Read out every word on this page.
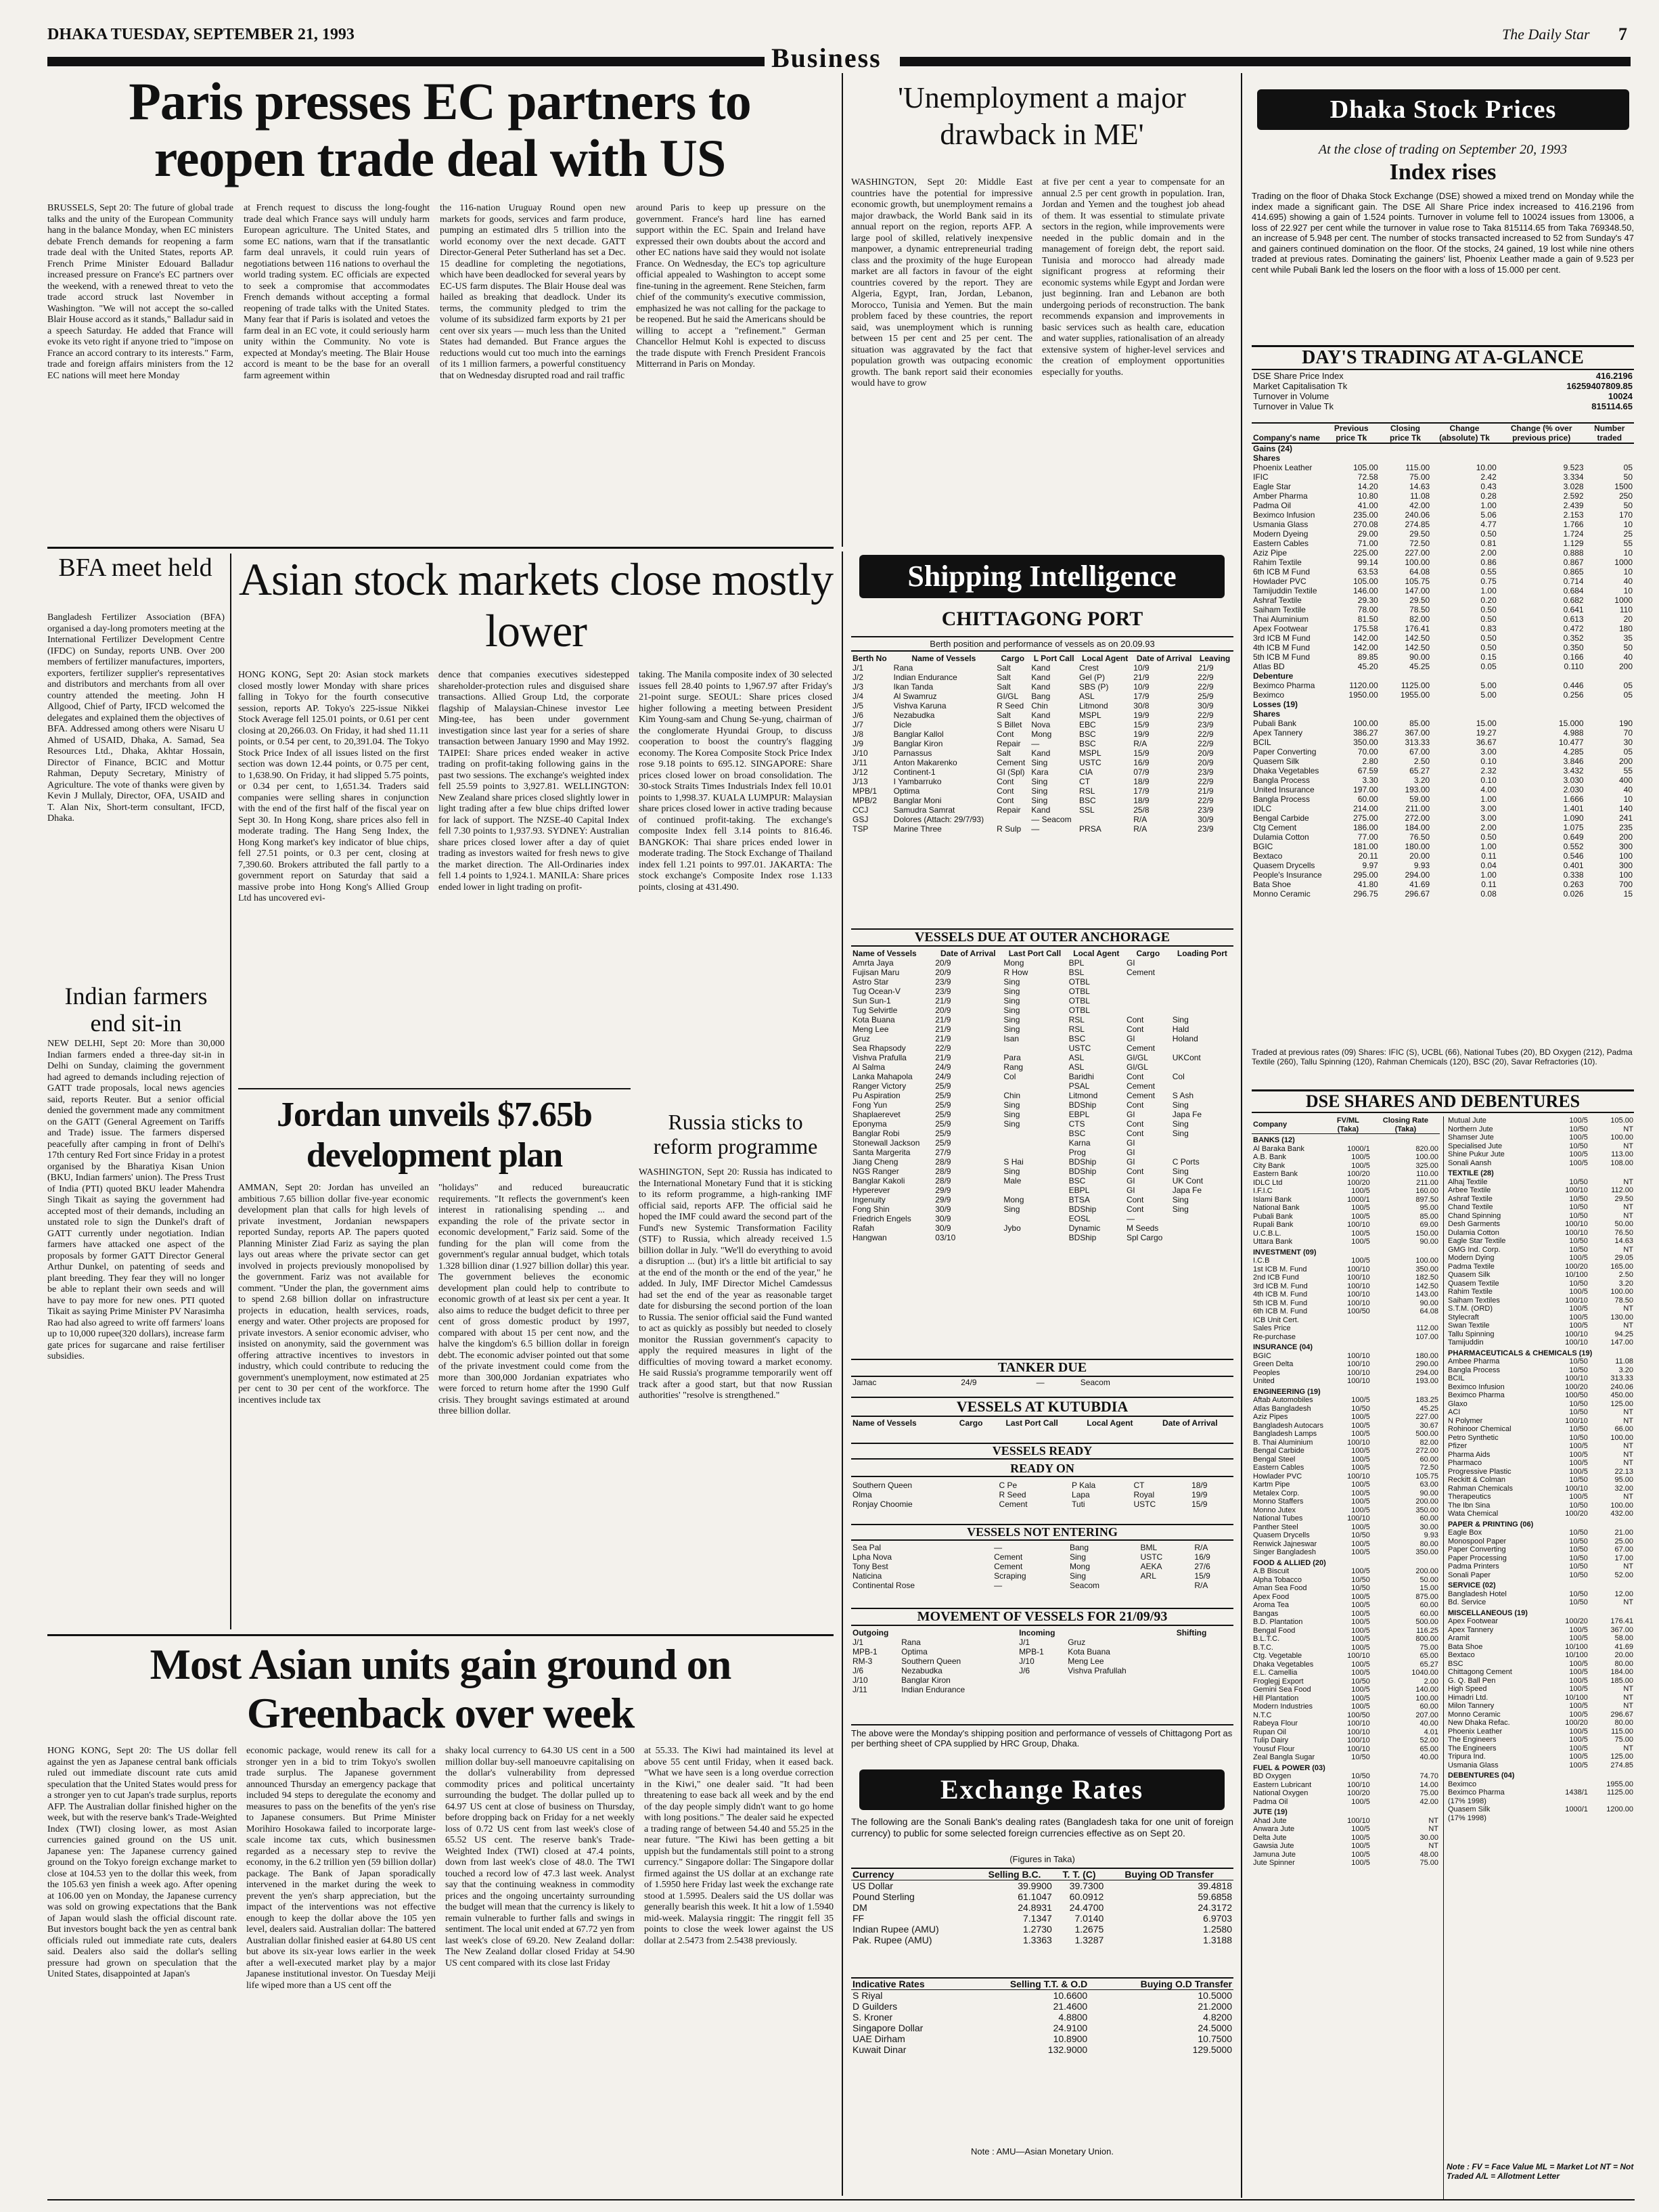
DHAKA TUESDAY, SEPTEMBER 21, 1993
Business
The Daily Star 7
Paris presses EC partners to reopen trade deal with US

BRUSSELS, Sept 20: The future of global trade talks and the unity of the European Community hang in the balance Monday, when EC ministers debate French demands for reopening a farm trade deal with the United States, reports AP. French Prime Minister Edouard Balladur increased pressure on France's EC partners over the weekend, with a renewed threat to veto the trade accord struck last November in Washington. "We will not accept the so-called Blair House accord as it stands," Balladur said in a speech Saturday. He added that France will evoke its veto right if anyone tried to "impose on France an accord contrary to its interests." Farm, trade and foreign affairs ministers from the 12 EC nations will meet here Monday

at French request to discuss the long-fought trade deal which France says will unduly harm European agriculture. The United States, and some EC nations, warn that if the transatlantic farm deal unravels, it could ruin years of negotiations between 116 nations to overhaul the world trading system. EC officials are expected to seek a compromise that accommodates French demands without accepting a formal reopening of trade talks with the United States. Many fear that if Paris is isolated and vetoes the farm deal in an EC vote, it could seriously harm unity within the Community. No vote is expected at Monday's meeting. The Blair House accord is meant to be the base for an overall farm agreement within

the 116-nation Uruguay Round open new markets for goods, services and farm produce, pumping an estimated dlrs 5 trillion into the world economy over the next decade. GATT Director-General Peter Sutherland has set a Dec. 15 deadline for completing the negotiations, which have been deadlocked for several years by EC-US farm disputes. The Blair House deal was hailed as breaking that deadlock. Under its terms, the community pledged to trim the volume of its subsidized farm exports by 21 per cent over six years — much less than the United States had demanded. But France argues the reductions would cut too much into the earnings of its 1 million farmers, a powerful constituency that on Wednesday disrupted road and rail traffic

around Paris to keep up pressure on the government. France's hard line has earned support within the EC. Spain and Ireland have expressed their own doubts about the accord and other EC nations have said they would not isolate France. On Wednesday, the EC's top agriculture official appealed to Washington to accept some fine-tuning in the agreement. Rene Steichen, farm chief of the community's executive commission, emphasized he was not calling for the package to be reopened. But he said the Americans should be willing to accept a "refinement." German Chancellor Helmut Kohl is expected to discuss the trade dispute with French President Francois Mitterrand in Paris on Monday.

'Unemployment a major drawback in ME'

WASHINGTON, Sept 20: Middle East countries have the potential for impressive economic growth, but unemployment remains a major drawback, the World Bank said in its annual report on the region, reports AFP. A large pool of skilled, relatively inexpensive manpower, a dynamic entrepreneurial trading class and the proximity of the huge European market are all factors in favour of the eight countries covered by the report. They are Algeria, Egypt, Iran, Jordan, Lebanon, Morocco, Tunisia and Yemen. But the main problem faced by these countries, the report said, was unemployment which is running between 15 per cent and 25 per cent. The situation was aggravated by the fact that population growth was outpacing economic growth. The bank report said their economies would have to grow

at five per cent a year to compensate for an annual 2.5 per cent growth in population. Iran, Jordan and Yemen and the toughest job ahead of them. It was essential to stimulate private sectors in the region, while improvements were needed in the public domain and in the management of foreign debt, the report said. Tunisia and morocco had already made significant progress at reforming their economic systems while Egypt and Jordan were just beginning. Iran and Lebanon are both undergoing periods of reconstruction. The bank recommends expansion and improvements in basic services such as health care, education and water supplies, rationalisation of an already extensive system of higher-level services and the creation of employment opportunities especially for youths.

BFA meet held

Bangladesh Fertilizer Association (BFA) organised a day-long promoters meeting at the International Fertilizer Development Centre (IFDC) on Sunday, reports UNB. Over 200 members of fertilizer manufactures, importers, exporters, fertilizer supplier's representatives and distributors and merchants from all over country attended the meeting. John H Allgood, Chief of Party, IFCD welcomed the delegates and explained them the objectives of BFA. Addressed among others were Nisaru U Ahmed of USAID, Dhaka, A. Samad, Sea Resources Ltd., Dhaka, Akhtar Hossain, Director of Finance, BCIC and Mottur Rahman, Deputy Secretary, Ministry of Agriculture. The vote of thanks were given by Kevin J Mullaly, Director, OFA, USAID and T. Alan Nix, Short-term consultant, IFCD, Dhaka.

Indian farmers end sit-in

NEW DELHI, Sept 20: More than 30,000 Indian farmers ended a three-day sit-in in Delhi on Sunday, claiming the government had agreed to demands including rejection of GATT trade proposals, local news agencies said, reports Reuter. But a senior official denied the government made any commitment on the GATT (General Agreement on Tariffs and Trade) issue. The farmers dispersed peacefully after camping in front of Delhi's 17th century Red Fort since Friday in a protest organised by the Bharatiya Kisan Union (BKU, Indian farmers' union). The Press Trust of India (PTI) quoted BKU leader Mahendra Singh Tikait as saying the government had accepted most of their demands, including an unstated role to sign the Dunkel's draft of GATT currently under negotiation. Indian farmers have attacked one aspect of the proposals by former GATT Director General Arthur Dunkel, on patenting of seeds and plant breeding. They fear they will no longer be able to replant their own seeds and will have to pay more for new ones. PTI quoted Tikait as saying Prime Minister PV Narasimha Rao had also agreed to write off farmers' loans up to 10,000 rupee(320 dollars), increase farm gate prices for sugarcane and raise fertiliser subsidies.

Asian stock markets close mostly lower

HONG KONG, Sept 20: Asian stock markets closed mostly lower Monday with share prices falling in Tokyo for the fourth consecutive session, reports AP. Tokyo's 225-issue Nikkei Stock Average fell 125.01 points, or 0.61 per cent closing at 20,266.03. On Friday, it had shed 11.11 points, or 0.54 per cent, to 20,391.04. The Tokyo Stock Price Index of all issues listed on the first section was down 12.44 points, or 0.75 per cent, to 1,638.90. On Friday, it had slipped 5.75 points, or 0.34 per cent, to 1,651.34. Traders said companies were selling shares in conjunction with the end of the first half of the fiscal year on Sept 30. In Hong Kong, share prices also fell in moderate trading. The Hang Seng Index, the Hong Kong market's key indicator of blue chips, fell 27.51 points, or 0.3 per cent, closing at 7,390.60. Brokers attributed the fall partly to a government report on Saturday that said a massive probe into Hong Kong's Allied Group Ltd has uncovered evi-

dence that companies executives sidestepped shareholder-protection rules and disguised share transactions. Allied Group Ltd, the corporate flagship of Malaysian-Chinese investor Lee Ming-tee, has been under government investigation since last year for a series of share transaction between January 1990 and May 1992. TAIPEI: Share prices ended weaker in active trading on profit-taking following gains in the past two sessions. The exchange's weighted index fell 25.59 points to 3,927.81. WELLINGTON: New Zealand share prices closed slightly lower in light trading after a few blue chips drifted lower for lack of support. The NZSE-40 Capital Index fell 7.30 points to 1,937.93. SYDNEY: Australian share prices closed lower after a day of quiet trading as investors waited for fresh news to give the market direction. The All-Ordinaries index fell 1.4 points to 1,924.1. MANILA: Share prices ended lower in light trading on profit-

taking. The Manila composite index of 30 selected issues fell 28.40 points to 1,967.97 after Friday's 21-point surge. SEOUL: Share prices closed higher following a meeting between President Kim Young-sam and Chung Se-yung, chairman of the conglomerate Hyundai Group, to discuss cooperation to boost the country's flagging economy. The Korea Composite Stock Price Index rose 9.18 points to 695.12. SINGAPORE: Share prices closed lower on broad consolidation. The 30-stock Straits Times Industrials Index fell 10.01 points to 1,998.37. KUALA LUMPUR: Malaysian share prices closed lower in active trading because of continued profit-taking. The exchange's composite Index fell 3.14 points to 816.46. BANGKOK: Thai share prices ended lower in moderate trading. The Stock Exchange of Thailand index fell 1.21 points to 997.01. JAKARTA: The stock exchange's Composite Index rose 1.133 points, closing at 431.490.

Jordan unveils $7.65b development plan

AMMAN, Sept 20: Jordan has unveiled an ambitious 7.65 billion dollar five-year economic development plan that calls for high levels of private investment, Jordanian newspapers reported Sunday, reports AP. The papers quoted Planning Minister Ziad Fariz as saying the plan lays out areas where the private sector can get involved in projects previously monopolised by the government. Fariz was not available for comment. "Under the plan, the government aims to spend 2.68 billion dollar on infrastructure projects in education, health services, roads, energy and water. Other projects are proposed for private investors. A senior economic adviser, who insisted on anonymity, said the government was offering attractive incentives to investors in industry, which could contribute to reducing the government's unemployment, now estimated at 25 per cent to 30 per cent of the workforce. The incentives include tax

"holidays" and reduced bureaucratic requirements. "It reflects the government's keen interest in rationalising spending ... and expanding the role of the private sector in economic development," Fariz said. Some of the funding for the plan will come from the government's regular annual budget, which totals 1.328 billion dinar (1.927 billion dollar) this year. The government believes the economic development plan could help to contribute to economic growth of at least six per cent a year. It also aims to reduce the budget deficit to three per cent of gross domestic product by 1997, compared with about 15 per cent now, and the halve the kingdom's 6.5 billion dollar in foreign debt. The economic adviser pointed out that some of the private investment could come from the more than 300,000 Jordanian expatriates who were forced to return home after the 1990 Gulf crisis. They brought savings estimated at around three billion dollar.

Russia sticks to reform programme

WASHINGTON, Sept 20: Russia has indicated to the International Monetary Fund that it is sticking to its reform programme, a high-ranking IMF official said, reports AFP. The official said he hoped the IMF could award the second part of the Fund's new Systemic Transformation Facility (STF) to Russia, which already received 1.5 billion dollar in July. "We'll do everything to avoid a disruption ... (but) it's a little bit artificial to say at the end of the month or the end of the year," he added. In July, IMF Director Michel Camdessus had set the end of the year as reasonable target date for disbursing the second portion of the loan to Russia. The senior official said the Fund wanted to act as quickly as possibly but needed to closely monitor the Russian government's capacity to apply the required measures in light of the difficulties of moving toward a market economy. He said Russia's programme temporarily went off track after a good start, but that now Russian authorities' "resolve is strengthened."

Most Asian units gain ground on Greenback over week

HONG KONG, Sept 20: The US dollar fell against the yen as Japanese central bank officials ruled out immediate discount rate cuts amid speculation that the United States would press for a stronger yen to cut Japan's trade surplus, reports AFP. The Australian dollar finished higher on the week, but with the reserve bank's Trade-Weighted Index (TWI) closing lower, as most Asian currencies gained ground on the US unit. Japanese yen: The Japanese currency gained ground on the Tokyo foreign exchange market to close at 104.53 yen to the dollar this week, from the 105.63 yen finish a week ago. After opening at 106.00 yen on Monday, the Japanese currency was sold on growing expectations that the Bank of Japan would slash the official discount rate. But investors bought back the yen as central bank officials ruled out immediate rate cuts, dealers said. Dealers also said the dollar's selling pressure had grown on speculation that the United States, disappointed at Japan's

economic package, would renew its call for a stronger yen in a bid to trim Tokyo's swollen trade surplus. The Japanese government announced Thursday an emergency package that included 94 steps to deregulate the economy and measures to pass on the benefits of the yen's rise to Japanese consumers. But Prime Minister Morihiro Hosokawa failed to incorporate large-scale income tax cuts, which businessmen regarded as a necessary step to revive the economy, in the 6.2 trillion yen (59 billion dollar) package. The Bank of Japan sporadically intervened in the market during the week to prevent the yen's sharp appreciation, but the impact of the interventions was not effective enough to keep the dollar above the 105 yen level, dealers said. Australian dollar: The battered Australian dollar finished easier at 64.80 US cent but above its six-year lows earlier in the week after a well-executed market play by a major Japanese institutional investor. On Tuesday Meiji life wiped more than a US cent off the

shaky local currency to 64.30 US cent in a 500 million dollar buy-sell manoeuvre capitalising on the dollar's vulnerability from depressed commodity prices and political uncertainty surrounding the budget. The dollar pulled up to 64.97 US cent at close of business on Thursday, before dropping back on Friday for a net weekly loss of 0.72 US cent from last week's close of 65.52 US cent. The reserve bank's Trade-Weighted Index (TWI) closed at 47.4 points, down from last week's close of 48.0. The TWI touched a record low of 47.3 last week. Analyst say that the continuing weakness in commodity prices and the ongoing uncertainty surrounding the budget will mean that the currency is likely to remain vulnerable to further falls and swings in sentiment. The local unit ended at 67.72 yen from last week's close of 69.20. New Zealand dollar: The New Zealand dollar closed Friday at 54.90 US cent compared with its close last Friday

at 55.33. The Kiwi had maintained its level at above 55 cent until Friday, when it eased back. "What we have seen is a long overdue correction in the Kiwi," one dealer said. "It had been threatening to ease back all week and by the end of the day people simply didn't want to go home with long positions." The dealer said he expected a trading range of between 54.40 and 55.25 in the near future. "The Kiwi has been getting a bit uppish but the fundamentals still point to a strong currency." Singapore dollar: The Singapore dollar firmed against the US dollar at an exchange rate of 1.5950 here Friday last week the exchange rate stood at 1.5995. Dealers said the US dollar was generally bearish this week. It hit a low of 1.5940 mid-week. Malaysia ringgit: The ringgit fell 35 points to close the week lower against the US dollar at 2.5473 from 2.5438 previously.

Shipping Intelligence
CHITTAGONG PORT
Berth position and performance of vessels as on 20.09.93
Berth No	Name of Vessels	Cargo	L Port Call	Local Agent	Date of Arrival	Leaving
J/1	Rana	Salt	Kand	Crest	10/9	21/9
J/2	Indian Endurance	Salt	Kand	Gel (P)	21/9	22/9
J/3	Ikan Tanda	Salt	Kand	SBS (P)	10/9	22/9
J/4	Al Swamruz	GI/GL	Bang	ASL	17/9	25/9
J/5	Vishva Karuna	R Seed	Chin	Litmond	30/8	30/9
J/6	Nezabudka	Salt	Kand	MSPL	19/9	22/9
J/7	Dicle	S Billet	Nova	EBC	15/9	23/9
J/8	Banglar Kallol	Cont	Mong	BSC	19/9	22/9
J/9	Banglar Kiron	Repair	—	BSC	R/A	22/9
J/10	Parnassus	Salt	Kand	MSPL	15/9	20/9
J/11	Anton Makarenko	Cement	Sing	USTC	16/9	20/9
J/12	Continent-1	GI (Spl)	Kara	CIA	07/9	23/9
J/13	I Yambarruko	Cont	Sing	CT	18/9	22/9
MPB/1	Optima	Cont	Sing	RSL	17/9	21/9
MPB/2	Banglar Moni	Cont	Sing	BSC	18/9	22/9
CCJ	Samudra Samrat	Repair	Kand	SSL	25/8	23/9
GSJ	Dolores (Attach: 29/7/93)		— Seacom		R/A	30/9
TSP	Marine Three	R Sulp	—	PRSA	R/A	23/9
VESSELS DUE AT OUTER ANCHORAGE
Name of Vessels	Date of Arrival	Last Port Call	Local Agent	Cargo	Loading Port
Amrta Jaya	20/9	Mong	BPL	GI	
Fujisan Maru	20/9	R How	BSL	Cement	
Astro Star	23/9	Sing	OTBL		
Tug Ocean-V	23/9	Sing	OTBL		
Sun Sun-1	21/9	Sing	OTBL		
Tug Selvirtle	20/9	Sing	OTBL		
Kota Buana	21/9	Sing	RSL	Cont	Sing
Meng Lee	21/9	Sing	RSL	Cont	Hald
Gruz	21/9	Isan	BSC	GI	Holand
Sea Rhapsody	22/9		USTC	Cement	
Vishva Prafulla	21/9	Para	ASL	GI/GL	UKCont
Al Salma	24/9	Rang	ASL	GI/GL	
Lanka Mahapola	24/9	Col	Baridhi	Cont	Col
Ranger Victory	25/9		PSAL	Cement	
Pu Aspiration	25/9	Chin	Litmond	Cement	S Ash
Fong Yun	25/9	Sing	BDShip	Cont	Sing
Shaplaerevet	25/9	Sing	EBPL	GI	Japa Fe
Eponyma	25/9	Sing	CTS	Cont	Sing
Banglar Robi	25/9		BSC	Cont	Sing
Stonewall Jackson	25/9		Karna	GI	
Santa Margerita	27/9		Prog	GI	
Jiang Cheng	28/9	S Hai	BDShip	GI	C Ports
NGS Ranger	28/9	Sing	BDShip	Cont	Sing
Banglar Kakoli	28/9	Male	BSC	GI	UK Cont
Hyperever	29/9		EBPL	GI	Japa Fe
Ingenuity	29/9	Mong	BTSA	Cont	Sing
Fong Shin	30/9	Sing	BDShip	Cont	Sing
Friedrich Engels	30/9		EOSL	—	
Rafah	30/9	Jybo	Dynamic	M Seeds	
Hangwan	03/10		BDShip	Spl Cargo	
TANKER DUE
Jamac	24/9	—	Seacom		
VESSELS AT KUTUBDIA
Name of Vessels	Cargo	Last Port Call	Local Agent	Date of Arrival
VESSELS READY
READY ON
Southern Queen	C Pe	P Kala	CT	18/9
Olma	R Seed	Lapa	Royal	19/9
Ronjay Choomie	Cement	Tuti	USTC	15/9
VESSELS NOT ENTERING
Sea Pal	—	Bang	BML	R/A
Lpha Nova	Cement	Sing	USTC	16/9
Tony Best	Cement	Mong	AEKA	27/6
Naticina	Scraping	Sing	ARL	15/9
Continental Rose	—	Seacom		R/A
MOVEMENT OF VESSELS FOR 21/09/93
Outgoing		Incoming		Shifting
J/1	Rana	J/1	Gruz	
MPB-1	Optima	MPB-1	Kota Buana	
RM-3	Southern Queen	J/10	Meng Lee	
J/6	Nezabudka	J/6	Vishva Prafullah	
J/10	Banglar Kiron			
J/11	Indian Endurance			
The above were the Monday's shipping position and performance of vessels of Chittagong Port as per berthing sheet of CPA supplied by HRC Group, Dhaka.
Exchange Rates
The following are the Sonali Bank's dealing rates (Bangladesh taka for one unit of foreign currency) to public for some selected foreign currencies effective as on Sept 20.
(Figures in Taka)
Currency	Selling B.C.	T. T. (C)	Buying OD Transfer
US Dollar	39.9900	39.7300	39.4818
Pound Sterling	61.1047	60.0912	59.6858
DM	24.8931	24.4700	24.3172
FF	7.1347	7.0140	6.9703
Indian Rupee (AMU)	1.2730	1.2675	1.2580
Pak. Rupee (AMU)	1.3363	1.3287	1.3188
Indicative Rates	Selling T.T. & O.D	Buying O.D Transfer
S Riyal	10.6600	10.5000
D Guilders	21.4600	21.2000
S. Kroner	4.8800	4.8200
Singapore Dollar	24.9100	24.5000
UAE Dirham	10.8900	10.7500
Kuwait Dinar	132.9000	129.5000
Note : AMU—Asian Monetary Union.
Dhaka Stock Prices
At the close of trading on September 20, 1993
Index rises

Trading on the floor of Dhaka Stock Exchange (DSE) showed a mixed trend on Monday while the index made a significant gain. The DSE All Share Price index increased to 416.2196 from 414.695) showing a gain of 1.524 points. Turnover in volume fell to 10024 issues from 13006, a loss of 22.927 per cent while the turnover in value rose to Taka 815114.65 from Taka 769348.50, an increase of 5.948 per cent. The number of stocks transacted increased to 52 from Sunday's 47 and gainers continued domination on the floor. Of the stocks, 24 gained, 19 lost while nine others traded at previous rates. Dominating the gainers' list, Phoenix Leather made a gain of 9.523 per cent while Pubali Bank led the losers on the floor with a loss of 15.000 per cent.

DAY'S TRADING AT A-GLANCE
DSE Share Price Index	416.2196
Market Capitalisation Tk	16259407809.85
Turnover in Volume	10024
Turnover in Value Tk	815114.65
Company's name	Previous price Tk	Closing price Tk	Change (absolute) Tk	Change (% over previous price)	Number traded
Gains (24)					
Shares					
Phoenix Leather	105.00	115.00	10.00	9.523	05
IFIC	72.58	75.00	2.42	3.334	50
Eagle Star	14.20	14.63	0.43	3.028	1500
Amber Pharma	10.80	11.08	0.28	2.592	250
Padma Oil	41.00	42.00	1.00	2.439	50
Beximco Infusion	235.00	240.06	5.06	2.153	170
Usmania Glass	270.08	274.85	4.77	1.766	10
Modern Dyeing	29.00	29.50	0.50	1.724	25
Eastern Cables	71.00	72.50	0.81	1.129	55
Aziz Pipe	225.00	227.00	2.00	0.888	10
Rahim Textile	99.14	100.00	0.86	0.867	1000
6th ICB M Fund	63.53	64.08	0.55	0.865	10
Howlader PVC	105.00	105.75	0.75	0.714	40
Tamijuddin Textile	146.00	147.00	1.00	0.684	10
Ashraf Textile	29.30	29.50	0.20	0.682	1000
Saiham Textile	78.00	78.50	0.50	0.641	110
Thai Aluminium	81.50	82.00	0.50	0.613	20
Apex Footwear	175.58	176.41	0.83	0.472	180
3rd ICB M Fund	142.00	142.50	0.50	0.352	35
4th ICB M Fund	142.00	142.50	0.50	0.350	50
5th ICB M Fund	89.85	90.00	0.15	0.166	40
Atlas BD	45.20	45.25	0.05	0.110	200
Debenture					
Beximco Pharma	1120.00	1125.00	5.00	0.446	05
Beximco	1950.00	1955.00	5.00	0.256	05
Losses (19)					
Shares					
Pubali Bank	100.00	85.00	15.00	15.000	190
Apex Tannery	386.27	367.00	19.27	4.988	70
BCIL	350.00	313.33	36.67	10.477	30
Paper Converting	70.00	67.00	3.00	4.285	05
Quasem Silk	2.80	2.50	0.10	3.846	200
Dhaka Vegetables	67.59	65.27	2.32	3.432	55
Bangla Process	3.30	3.20	0.10	3.030	400
United Insurance	197.00	193.00	4.00	2.030	40
Bangla Process	60.00	59.00	1.00	1.666	10
IDLC	214.00	211.00	3.00	1.401	140
Bengal Carbide	275.00	272.00	3.00	1.090	241
Ctg Cement	186.00	184.00	2.00	1.075	235
Dulamia Cotton	77.00	76.50	0.50	0.649	200
BGIC	181.00	180.00	1.00	0.552	300
Bextaco	20.11	20.00	0.11	0.546	100
Quasem Drycells	9.97	9.93	0.04	0.401	300
People's Insurance	295.00	294.00	1.00	0.338	100
Bata Shoe	41.80	41.69	0.11	0.263	700
Monno Ceramic	296.75	296.67	0.08	0.026	15
Traded at previous rates (09) Shares: IFIC (S), UCBL (66), National Tubes (20), BD Oxygen (212), Padma Textile (260), Tallu Spinning (120), Rahman Chemicals (120), BSC (20), Savar Refractories (10).
DSE SHARES AND DEBENTURES
Company	FV/ML (Taka)	Closing Rate (Taka)
BANKS (12)		
Al Baraka Bank	1000/1	820.00
A.B. Bank	100/5	100.00
City Bank	100/5	325.00
Eastern Bank	100/20	110.00
IDLC Ltd	100/20	211.00
I.F.I.C	100/5	160.00
Islami Bank	1000/1	897.50
National Bank	100/5	95.00
Pubali Bank	100/5	85.00
Rupali Bank	100/10	69.00
U.C.B.L.	100/5	150.00
Uttara Bank	100/5	90.00
INVESTMENT (09)		
I.C.B	100/5	100.00
1st ICB M. Fund	100/10	350.00
2nd ICB Fund	100/10	182.50
3rd ICB M. Fund	100/10	142.50
4th ICB M. Fund	100/10	143.00
5th ICB M. Fund	100/10	90.00
6th ICB M. Fund	100/50	64.08
ICB Unit Cert.		
Sales Price		112.00
Re-purchase		107.00
INSURANCE (04)		
BGIC	100/10	180.00
Green Delta	100/10	290.00
Peoples	100/10	294.00
United	100/10	193.00
ENGINEERING (19)		
Aftab Automobiles	100/5	183.25
Atlas Bangladesh	10/50	45.25
Aziz Pipes	100/5	227.00
Bangladesh Autocars	100/5	30.67
Bangladesh Lamps	100/5	500.00
B. Thai Aluminium	100/10	82.00
Bengal Carbide	100/5	272.00
Bengal Steel	100/5	60.00
Eastern Cables	100/5	72.50
Howlader PVC	100/10	105.75
Kartm Pipe	100/5	63.00
Metalex Corp.	100/5	90.00
Monno Staffers	100/5	200.00
Monno Jutex	100/5	350.00
National Tubes	100/10	60.00
Panther Steel	100/5	30.00
Quasem Drycells	10/50	9.93
Renwick Jajneswar	100/5	80.00
Singer Bangladesh	100/5	350.00
FOOD & ALLIED (20)		
A.B Biscuit	100/5	200.00
Alpha Tobacco	10/50	50.00
Aman Sea Food	10/50	15.00
Apex Food	100/5	875.00
Aroma Tea	100/5	60.00
Bangas	100/5	60.00
B.D. Plantation	100/5	500.00
Bengal Food	100/5	116.25
B.L.T.C.	100/5	800.00
B.T.C.	100/5	75.00
Ctg. Vegetable	100/10	65.00
Dhaka Vegetables	100/5	65.27
E.L. Camellia	100/5	1040.00
Froglegj Export	10/50	2.00
Gemini Sea Food	100/5	140.00
Hill Plantation	100/5	100.00
Modern Industries	100/5	60.00
N.T.C	100/50	207.00
Rabeya Flour	100/10	40.00
Rupan Oil	100/10	4.01
Tulip Dairy	100/10	52.00
Yousuf Flour	100/10	65.00
Zeal Bangla Sugar	10/50	40.00
FUEL & POWER (03)		
BD Oxygen	10/50	74.70
Eastern Lubricant	100/10	14.00
National Oxygen	100/20	75.00
Padma Oil	100/5	42.00
JUTE (19)		
Ahad Jute	100/10	NT
Anwara Jute	100/5	NT
Delta Jute	100/5	30.00
Gawsia Jute	100/5	NT
Jamuna Jute	100/5	48.00
Jute Spinner	100/5	75.00
Mutual Jute	100/5	105.00
Northern Jute	10/50	NT
Shamser Jute	100/5	100.00
Specialised Jute	10/50	NT
Shine Pukur Jute	100/5	113.00
Sonali Aansh	100/5	108.00
TEXTILE (28)		
Alhaj Textile	10/50	NT
Arbee Textile	100/10	112.00
Ashraf Textile	10/50	29.50
Chand Textile	10/50	NT
Chand Spinning	10/50	NT
Desh Garments	100/10	50.00
Dulamia Cotton	100/10	76.50
Eagle Star Textile	10/50	14.63
GMG Ind. Corp.	10/50	NT
Modern Dying	100/5	29.05
Padma Textile	100/20	165.00
Quasem Silk	10/100	2.50
Quasem Textile	10/50	3.20
Rahim Textile	100/5	100.00
Saiham Textiles	100/10	78.50
S.T.M. (ORD)	100/5	NT
Stylecraft	100/5	130.00
Swan Textile	100/5	NT
Tallu Spinning	100/10	94.25
Tamijuddin	100/10	147.00
PHARMACEUTICALS & CHEMICALS (19)		
Ambee Pharma	10/50	11.08
Bangla Process	10/50	3.20
BCIL	100/10	313.33
Beximco Infusion	100/20	240.06
Beximco Pharma	100/50	450.00
Glaxo	10/50	125.00
ACI	10/50	NT
N Polymer	100/10	NT
Rohinoor Chemical	10/50	66.00
Petro Synthetic	10/50	100.00
Pfizer	100/5	NT
Pharma Aids	100/5	NT
Pharmaco	100/5	NT
Progressive Plastic	100/5	22.13
Reckitt & Colman	10/50	95.00
Rahman Chemicals	100/10	32.00
Therapeutics	100/5	NT
The Ibn Sina	10/50	100.00
Wata Chemical	100/20	432.00
PAPER & PRINTING (06)		
Eagle Box	10/50	21.00
Monospool Paper	10/50	25.00
Paper Converting	10/50	67.00
Paper Processing	10/50	17.00
Padma Printers	10/50	NT
Sonali Paper	10/50	52.00
SERVICE (02)		
Bangladesh Hotel	10/50	12.00
Bd. Service	10/50	NT
MISCELLANEOUS (19)		
Apex Footwear	100/20	176.41
Apex Tannery	100/5	367.00
Aramit	100/5	58.00
Bata Shoe	10/100	41.69
Bextaco	10/100	20.00
BSC	100/5	80.00
Chittagong Cement	100/5	184.00
G. Q. Ball Pen	100/5	185.00
High Speed	100/5	NT
Himadri Ltd.	10/100	NT
Milon Tannery	100/5	NT
Monno Ceramic	100/5	296.67
New Dhaka Refac.	100/20	80.00
Phoenix Leather	100/5	115.00
The Engineers	100/5	75.00
The Engineers	100/5	NT
Tripura Ind.	100/5	125.00
Usmania Glass	100/5	274.85
DEBENTURES (04)		
Beximco		1955.00
Beximco Pharma	1438/1	1125.00
(17% 1998)		
Quasem Silk	1000/1	1200.00
(17% 1998)		
Note : FV = Face Value ML = Market Lot NT = Not Traded A/L = Allotment Letter
